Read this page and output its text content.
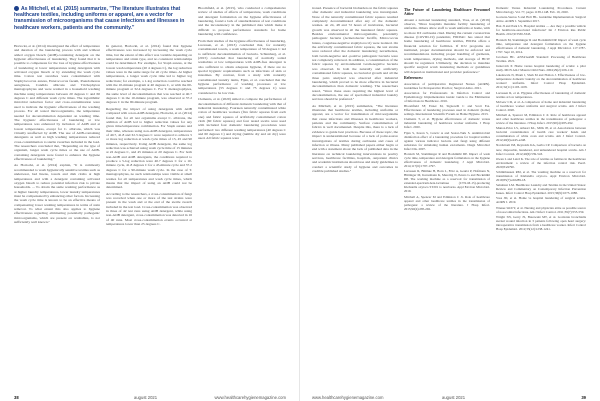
As Mitchell, et al. (2015) summarize, "The literature illustrates that healthcare textiles, including uniforms or apparel, are a vector for transmission of microorganisms that cause infections and illnesses in healthcare workers, patients and the community."

Horiocki, et al. (2014) investigated the effect of temperature and duration of the laundering process with and without added oxygen bleach (AOB)-containing detergent on the hygienic effectiveness of laundering. They found that it is possible to compensate for the loss of hygiene effectiveness of laundering at lower temperatures using detergents with activated oxygen bleach or by extending the wash cycle time. Cotton test swatches were contaminated with Staphylococcus aureus, Enterococcus faeum, Pseudomonas aeruginosa, Candida albicans and Trichophyton mentagrophytes and were washed in a household washing machine using temperatures between 20 degrees C and 60 degrees C and different wash cycle times. The logarithmic microbial reduction factor and cross-contamination were used to indicate the hygienic effectiveness of the washing process. For all tested microorganisms, the temperature needed for decontamination dependent on washing time. The hygienic effectiveness of laundering at low temperatures was enhanced by inclusion of AOB and at lowest temperatures, except for C. albicans, which was virtually unaffected by AOB. The use of AOB-containing detergents as well as high washing temperatures reduced cross-contamination to sterile swatches included in the load. The researchers concluded that, "Depending on the type of organism, longer wash cycle times or the use of AOB-containing detergents were found to enhance the hygiene effectiveness of laundering."

As Horiocki, et al. (2014) explain, "It is commonly recommended to wash hygienically sensitive textiles such as underwear, bed linens, towels and dish cloths at high temperatures and with a detergent containing activated oxygen bleach to reduce potential infection risk to private households. ... To obtain the same washing performance as at higher laundry temperatures, lower laundry temperatures must be compensated by enhancing other factors. Increasing the wash cycle time is known to be an effective means of compensating lower washing temperatures in terms of stain removal. To what extent this also applies to hygiene effectiveness regarding eliminating potentially pathogenic microorganisms, which are present on washables, is not sufficiently well known."

In general, Horiocki, et al. (2014) found that hygiene effectiveness was increased by increasing the wash cycle time, but the extent of this effect was variable depending on temperature and strain type, and no consistent relationships could be determined. For example, for Staph aureus, at the lowest wash temperature (20 4 degrees C), the log reduction values were in the same range for all cycle times. At higher temperatures, a longer wash cycle time led to higher log reductions; for example, a 1-log reduction could be reached with the 10-minute program at 40 degrees C, or with the 60-minute program at 32.4 degrees C. For T. mentagrophytes, the same level of decontamination that was reached at 40.7 degrees C in the 10-minute program, was observed at 37.2 degrees C in the 90-minute program.

Regarding the impact of using detergents with AOB compared with a non-AOB detergent, Horiocki, et al. (2014) found that, for all test organisms except C. albicans, the addition of AOB led to higher reduction values for any given time/temperature combination. For Staph aureus and their time, whereas using non-AOB detergent, temperatures of 40.7, 41.8 and 32.3 degrees C were required to achieve 5 or more log reduction at wash cycle times of 15, 45 and 90 minutes, respectively. Using AOB detergent, the same log reduction was achieved using wash cycle time of 15 minutes at 22 degrees C, and 45 minutes at 20 degrees C. For both non-AOB and AOB detergents, the conditions required to produce a 5-log reduction were 40.7 degrees C for a 10-minute cycle, 41.8 degrees C for a 45-minute cycle and 37.2 degrees C for a 90-minute wash cycle. In the case of T. mentagrophytes, no such relationships were visible at small washes for all temperatures and wash cycle times, which means that the impact of using an AOB could not be determined.

According to the researchers, a cross-contamination of fungi was recorded when one or more of the test strains were present in the wash and at the end of the sterile swatch included in the test load. Cross-contamination was observed in three of 42 test runs using AOB detergent, while using non-AOB detergent, cross-contamination was detected in 16 of 40 runs. Most cross-contamination events occurred at temperatures lower than 25 degrees C.

Bloomfield, et al. (2015), who conducted a comprehensive review of studies of effects of temperature, wash conditions and detergent formulation on the hygiene effectiveness of laundering, found a lack of standardization of test conditions and the inconsistency in the published data which make it difficult to propose performance standards for home laundering with confidence.

From their studies of the hygiene effectiveness of laundering, Lucassen, et al. (2013) concluded that, for naturally contaminated towels, a wash temperature of 50 degrees C led to sufficient decontamination of bacteria. Schlenberg, et al. (2015) concluded that laundering of normally soiled washables at low temperatures with AOB-free detergent is also sufficient to obtain adequate hygiene, if there are no special hygienic requirements such as infections of skin or intestines. By contrast, from a study with naturally contaminated laundry items, Fijan, et al. concluded that the hygiene performance of washing processes at low temperatures (55 degrees C and 75 degrees C) were considered to be low risk.

Clements, et al. (2020) aimed to compare the performance of decontamination of different domestic laundering with that of industrial laundering. Fourteen naturally contaminated white cotton of healthcare workers (five fabric squares from each one) and fabric squares of artificially contaminated cotton cloth (60 fabric squares) and four tested swabs were used with included four domestic laundering procedures were performed: two different washing temperatures (40 degrees C and 60 degrees C) and drying (tumble dry and air dry) were used. All fabric squares were

ironed. Presence of bacterial bioburden on the fabric squares after domestic and industrial laundering was investigated. None of the naturally contaminated fabric squares resulted completely decontaminated after any of the domestic washes. At 24, 48 and 72 hours of incubation, bacterial growth was observed in all the laundered fabric squares. Besides environmental microorganisms, potentially pathogenic bacteria (Acinetobacter Iwoffii, Micrococcus luteus, coagulase-negative staphylococci) were isolated. On the artificially contaminated fabric squares, the test strains were reduced after the domestic laundering; nevertheless, both Gram-negative and -positive pathogenic bacteria were not completely removed. In addition, a contamination of the fabric squares by environmental Gram-negative bacteria was observed. In both the naturally and artificially contaminated fabric squares, no bacterial growth and all the three pairs analyzed was observed after industrial laundering, which proved to be more effective in bacterial decontamination than domestic washing. The researchers noted, "Since these areas requiring the highest level of decontamination, the use of specialized industrial laundry services should be preferred."

As Mitchell, et al. (2015) summarize, "The literature illustrates that healthcare textiles, including uniforms or apparel, are a vector for transmission of microorganisms that cause infections and illnesses in healthcare workers, patients and the community. Surface contamination of fabrics is well documented. Despite this, there is a lack of evidence to guide best practices. Because of these topic, the impact is underestimated because of a lack of point-source investigations of textiles during outbreaks and cases of infection or illness. Many published papers either begin or end with a statement about the lack of published data in the literature on technical laundering interventions in poultry services, healthcare facilities, hospitals, outpatient clinics and academic institutions should use and study guidelines to conduct a scientific study of hygiene and outcomes in credible published studies."

The Future of Laundering Healthcare Personnel Attire

Absent a national laundering standard, Voss, et al. (2019) observe, "More hospitals mandate facility laundering of uniforms. Others allow staff to wash uniforms at home, with no more ICI outbreaks cited. During the current coronavirus disease (COVID-19) pandemic, HICPAC has stated that home laundering of healthcare textiles, HICPA offers a financial solution for facilities. If ICU programs are instituted, proper documentation should be enforced and recommendations including proper handling of garments, wash temperature, drying methods, and storage of HCW should be regulated. Ultimately, the decision to mandate specific surgical scrub laundering methods or guidelines will depend on institutional and provider preference."

References:

Association of periOperative Registered Nurses (AORN). Guidelines for Perioperative Practice; Surgical Attire. 2021.

Association for Professionals in Infection Control and Epidemiology. Implementation Guide: Guide to the Elimination of Infections in Healthcare. 2016.

Bloomfield SF, Exner M, Signorelli C and Scott EA. Effectiveness of laundering processes used in domestic (home) settings. International Scientific Forum on Home Hygiene. 2013.

Clements T, et al. Hygiene effectiveness of domestic versus industrial laundering of healthcare worker uniforms. J Hosp Infect. 2020.

Fijan S, Koren S, Cencic A and Sostar-Turk S. Antimicrobial disinfection effect of a laundering procedure for hospital textiles against various indicator bacteria and fungi using different substrates for simulating human excrements. Diagn Microbiol Infect Dis. 2007.

Honisch M, Stamminger R and Bockmühl DP. Impact of wash cycle time, temperature and detergent formulation on the hygiene effectiveness of domestic laundering. J Appl Microbiol. 2014;117(6):1787-1797.

Lucassen R, Blümke H, Born L, Fritz A, Geurtz P, Hofmann N, Hüttinger M, Karremann K, Merettig N, Peters G and Bockmühl DP. The washing machine as a reservoir for transmission of extended-spectrum-beta-lactamase (CTX-M-15)-producing Klebsiella oxytoca ST201 to newborns. Appl Environ Microbiol. 2019.

Mitchell A, Spencer M and Edmiston C Jr. Role of healthcare apparel and other healthcare textiles in the transmission of pathogens: a review of the literature. J Hosp Infect. 2015;90(4):285-292.

Domestic Versus Industrial Laundering Procedures. Current Microbiology. Vol. 77, pages 1138-1148. Feb. 19, 2020.

Gouveia-Santos S and Holt HL. Guideline Implementation: Surgical Attire. AORN J. September 2017.

Han JI and Park LS. Hospital textiles — Are they a possible vehicle for healthcare-associated infections? Int J Environ Res Public Health. 2012;9:3330-3343.

Honisch M, Stamminger R and Bockmühl DP. Impact of wash cycle time, temperature and detergent formulation on the hygiene effectiveness of domestic laundering. J Appl Microbiol. 117:1787-1797. Sept 10, 2014.

Jacobsen HC. ANSI/AAMI Standard: Processing of Healthcare Textiles. 2021.

Jurkovich P. Home versus hospital laundering of scrubs: a pilot study. MCN Am J Matern Child Nurs. 2004;29(2):106-110.

Lakdawala N, Pham J, Shah M and Holton J. Effectiveness of low-temperature domestic laundry on the decontamination of healthcare workers' uniforms. Infect Control Hosp Epidemiol. 2011;32(11):1103-1108.

Lucassen R, et al. Hygiene effectiveness of laundering of domestic textiles at low temperatures.

McGaw CD, et al. A comparison of home and industrial laundering of healthcare worker uniforms and surgical scrubs. Am J Infect Control. 2020.

Mitchell A, Spencer M, Edmiston C Jr. Role of healthcare apparel and other healthcare textiles in the transmission of pathogens: a review of the literature. J Hosp Infect. 2015;90(4):285-292.

Munoz-Price LS, Arheart KL, Mills JP, et al. Associations between bacterial contamination of health care workers' hands and contamination of white coats and scrubs. Am J Infect Control. 2012;40(9):e245-e248.

Nordstrom JM, Reynolds KA, Gerba CP. Comparison of bacteria on new, disposable, laundered, and unlaundered hospital scrubs. Am J Infect Control. 2012;40(6):539-543.

Owen L and Laird K. The role of textiles as fomites in the healthcare environment: a review of the infection control risk. PeerJ. 2020;8:e9790.

Schmithausen RM, et al. The washing machine as a reservoir for transmission of Klebsiella oxytoca. Appl Environ Microbiol. 2019;85(7):e02289-18.

Sehulster LM. Healthcare Laundry and Textiles in the United States: Review and Commentary on Contemporary Infection Prevention Issues. Infect Control Hosp Epidemiol. 2015;36(9):1073-1088.

Voss JD, et al. Home vs hospital laundering of surgical scrubs. AORN J. 2019.

Wiener-Well Y, et al. Nursing and physician attire as possible source of nosocomial infections. Am J Infect Control. 2011;39(7):555-559.

Wright SN, Gerry JS, Busowski MT, et al. Gordonia bronchialis sternal wound infection in 3 patients following open heart surgery: intraoperative transmission from a healthcare worker. Infect Control Hosp Epidemiol. 2012;33(12):1238-1241.

38	august 2021	www.healthcarehygienemagazine.com	www.healthcarehygienemagazine.com	august 2021	39
